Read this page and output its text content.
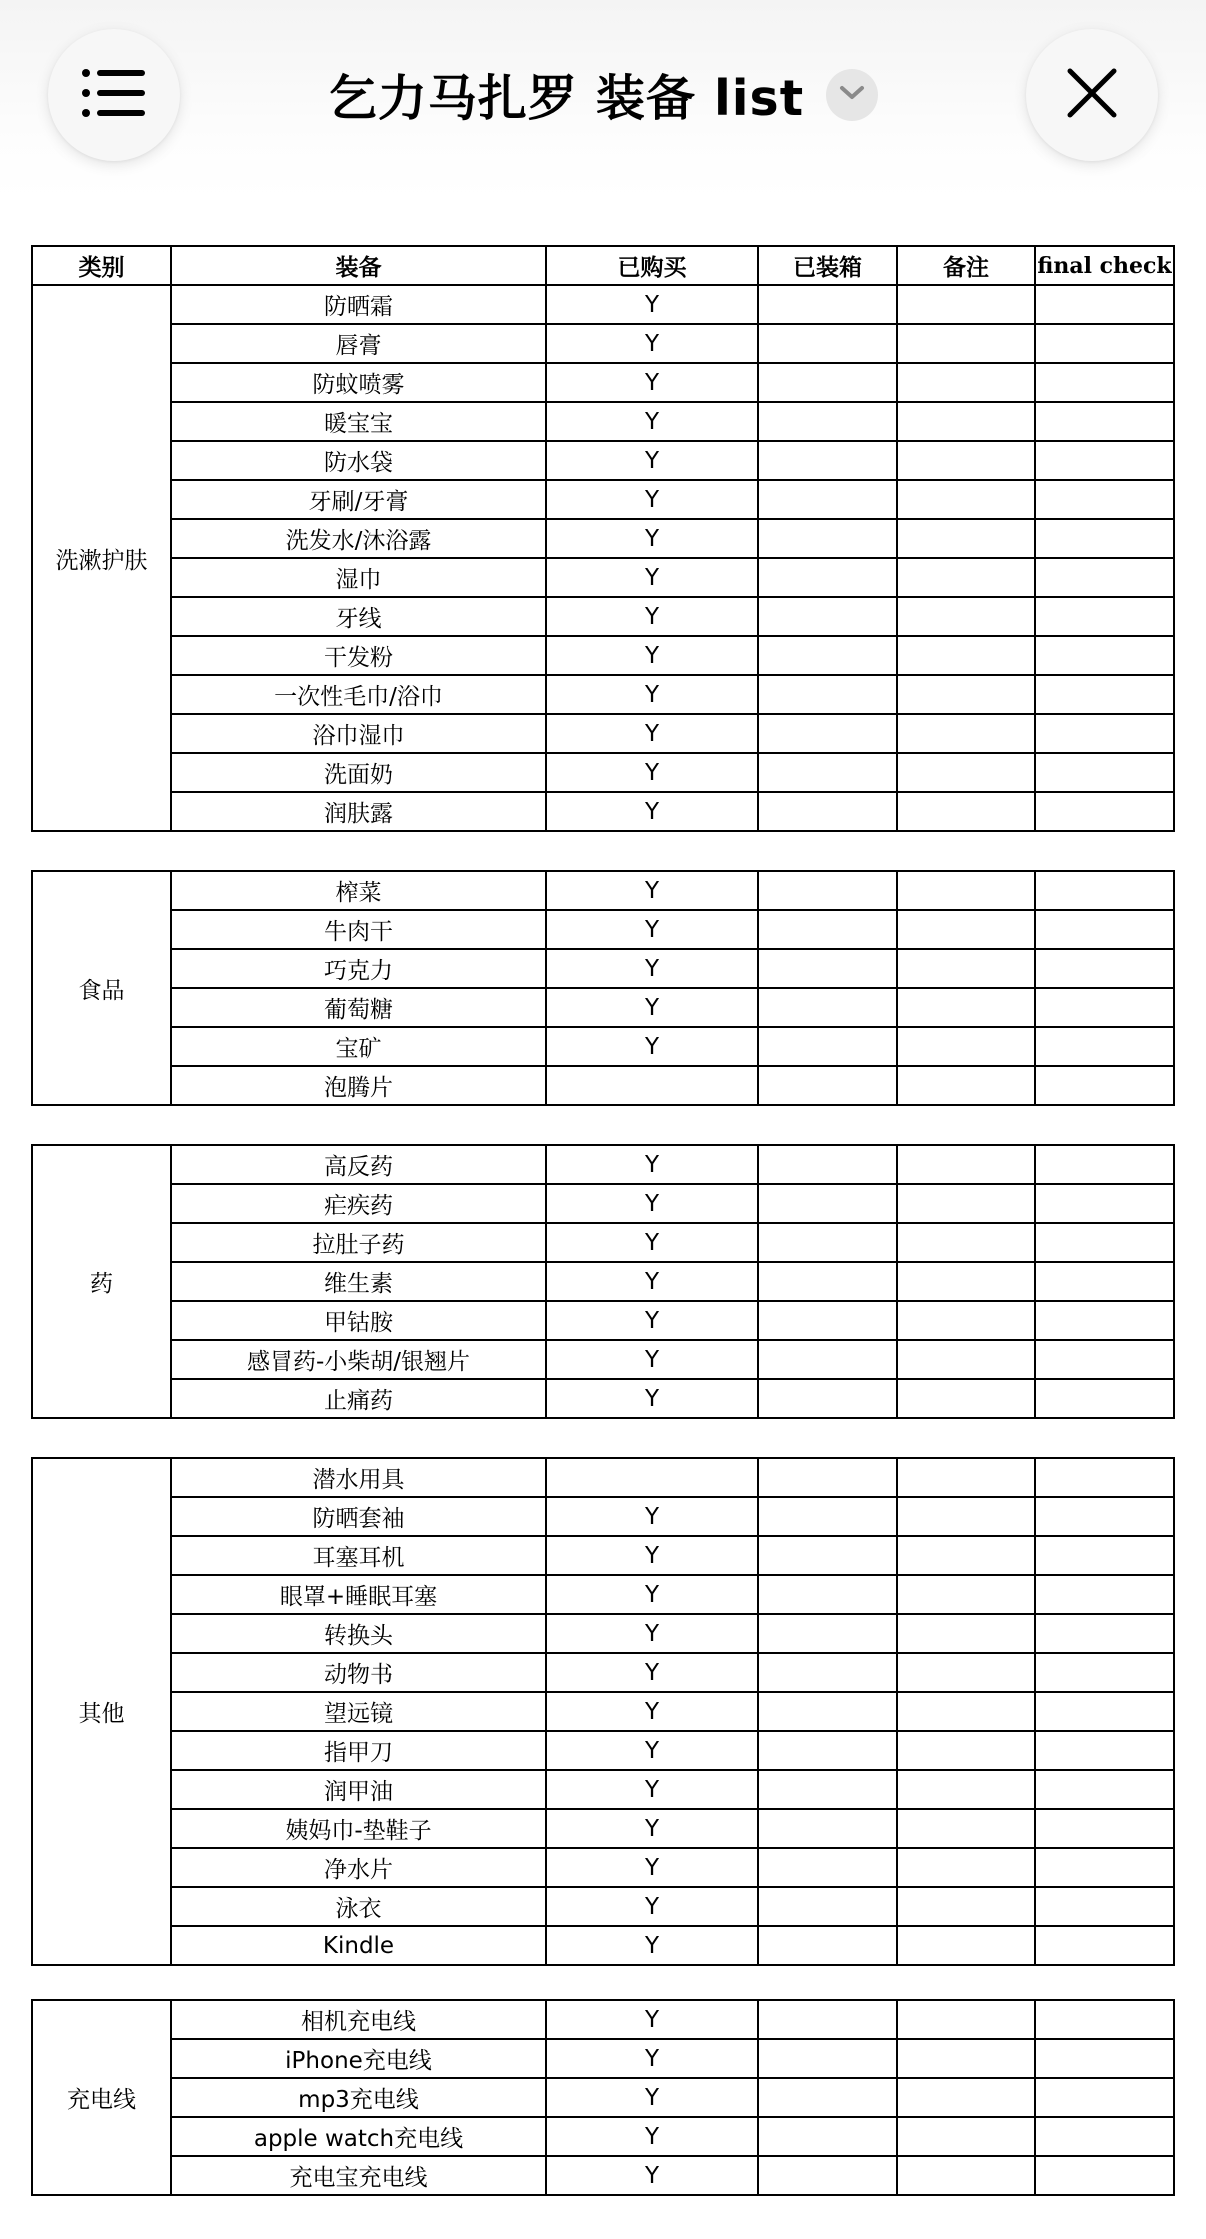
乞力马扎罗 装备 list
类别	装备	已购买	已装箱	备注	final check
洗漱护肤	防晒霜	Y			
	唇膏	Y			
	防蚊喷雾	Y			
	暖宝宝	Y			
	防水袋	Y			
	牙刷/牙膏	Y			
	洗发水/沐浴露	Y			
	湿巾	Y			
	牙线	Y			
	干发粉	Y			
	一次性毛巾/浴巾	Y			
	浴巾湿巾	Y			
	洗面奶	Y			
	润肤露	Y			
食品	榨菜	Y			
	牛肉干	Y			
	巧克力	Y			
	葡萄糖	Y			
	宝矿	Y			
	泡腾片				
药	高反药	Y			
	疟疾药	Y			
	拉肚子药	Y			
	维生素	Y			
	甲钴胺	Y			
	感冒药-小柴胡/银翘片	Y			
	止痛药	Y			
其他	潜水用具				
	防晒套袖	Y			
	耳塞耳机	Y			
	眼罩+睡眠耳塞	Y			
	转换头	Y			
	动物书	Y			
	望远镜	Y			
	指甲刀	Y			
	润甲油	Y			
	姨妈巾-垫鞋子	Y			
	净水片	Y			
	泳衣	Y			
	Kindle	Y			
充电线	相机充电线	Y			
	iPhone充电线	Y			
	mp3充电线	Y			
	apple watch充电线	Y			
	充电宝充电线	Y			
